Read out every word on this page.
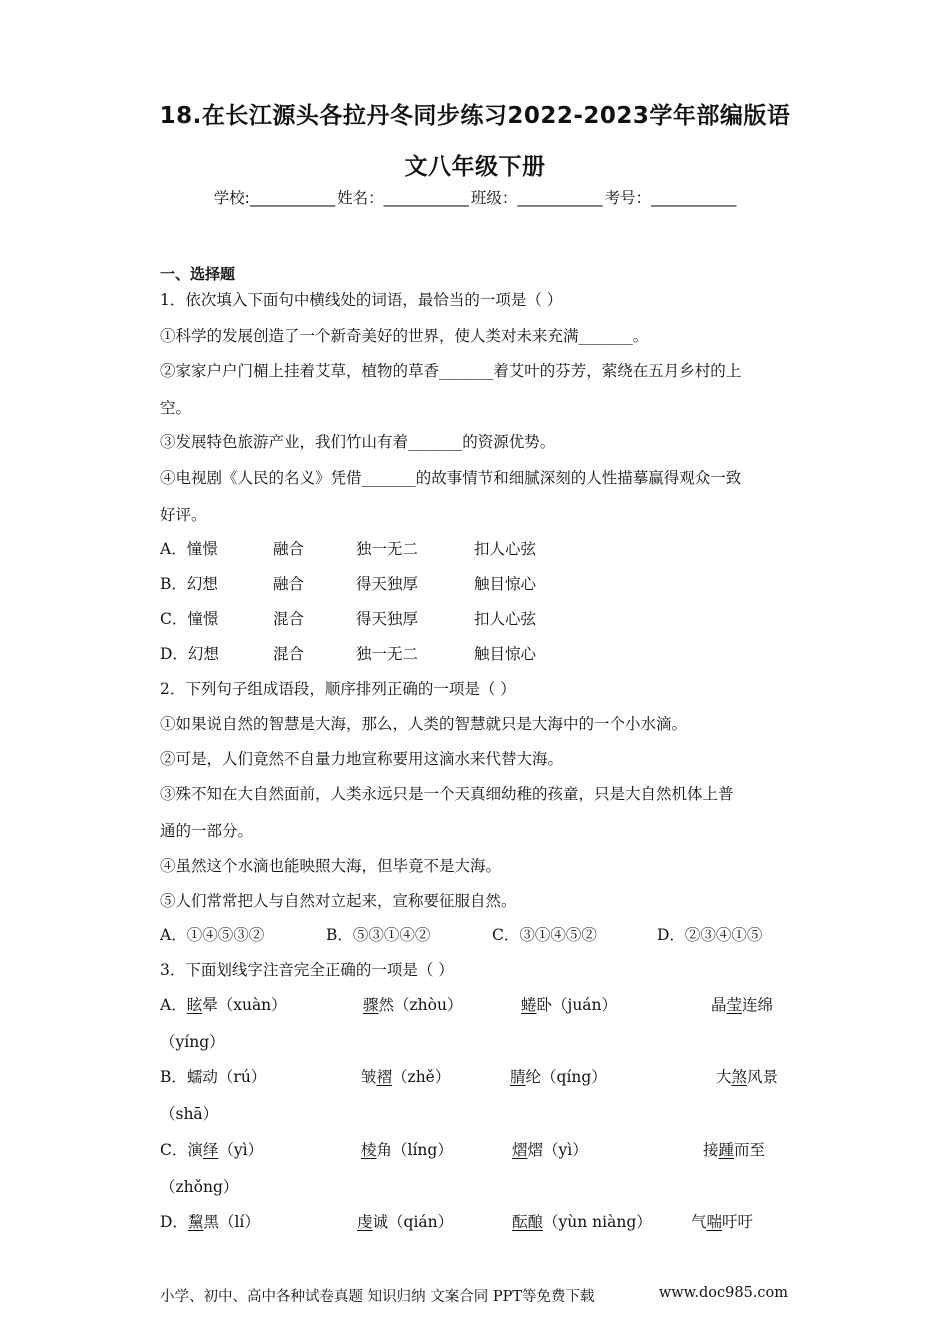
18.在长江源头各拉丹冬同步练习2022-2023学年部编版语
文八年级下册
学校:___________ 姓名：___________ 班级：___________ 考号：___________
一、选择题
1．依次填入下面句中横线处的词语，最恰当的一项是（ ）
①科学的发展创造了一个新奇美好的世界，使人类对未来充满_______。
②家家户户门楣上挂着艾草，植物的草香_______着艾叶的芬芳，萦绕在五月乡村的上
空。
③发展特色旅游产业，我们竹山有着_______的资源优势。
④电视剧《人民的名义》凭借_______的故事情节和细腻深刻的人性描摹赢得观众一致
好评。
A．憧憬	融合	独一无二	扣人心弦
B．幻想	融合	得天独厚	触目惊心
C．憧憬	混合	得天独厚	扣人心弦
D．幻想	混合	独一无二	触目惊心
2．下列句子组成语段，顺序排列正确的一项是（ ）
①如果说自然的智慧是大海，那么，人类的智慧就只是大海中的一个小水滴。
②可是，人们竟然不自量力地宣称要用这滴水来代替大海。
③殊不知在大自然面前，人类永远只是一个天真细幼稚的孩童，只是大自然机体上普
通的一部分。
④虽然这个水滴也能映照大海，但毕竟不是大海。
⑤人们常常把人与自然对立起来，宣称要征服自然。
A．①④⑤③②	B．⑤③①④②	C．③①④⑤②	D．②③④①⑤
3．下面划线字注音完全正确的一项是（ ）
A．眩晕（xuàn）	骤然（zhòu）	蜷卧（juán）	晶莹连绵
（yíng）
B．蠕动（rú）	皱褶（zhě）	腈纶（qíng）	大煞风景
（shā）
C．演绎（yì）	棱角（líng）	熠熠（yì）	接踵而至
（zhǒng）
D．黧黑（lí）	虔诚（qián）	酝酿（yùn niàng）	气喘吁吁
小学、初中、高中各种试卷真题 知识归纳 文案合同 PPT等免费下载	www.doc985.com
